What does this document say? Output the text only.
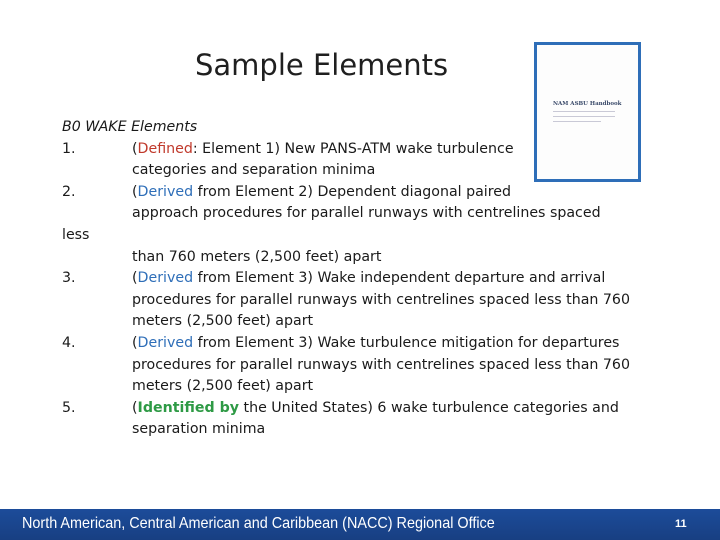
Sample Elements
NAM ASBU Handbook
B0 WAKE Elements
1.	(Defined: Element 1) New PANS-ATM wake turbulence
categories and separation minima
2.	(Derived from Element 2) Dependent diagonal paired
approach procedures for parallel runways with centrelines spaced
less
than 760 meters (2,500 feet) apart
3.	(Derived from Element 3) Wake independent departure and arrival
procedures for parallel runways with centrelines spaced less than 760
meters (2,500 feet) apart
4.	(Derived from Element 3) Wake turbulence mitigation for departures
procedures for parallel runways with centrelines spaced less than 760
meters (2,500 feet) apart
5.	(Identified by the United States) 6 wake turbulence categories and
separation minima
North American, Central American and Caribbean (NACC) Regional Office	11
